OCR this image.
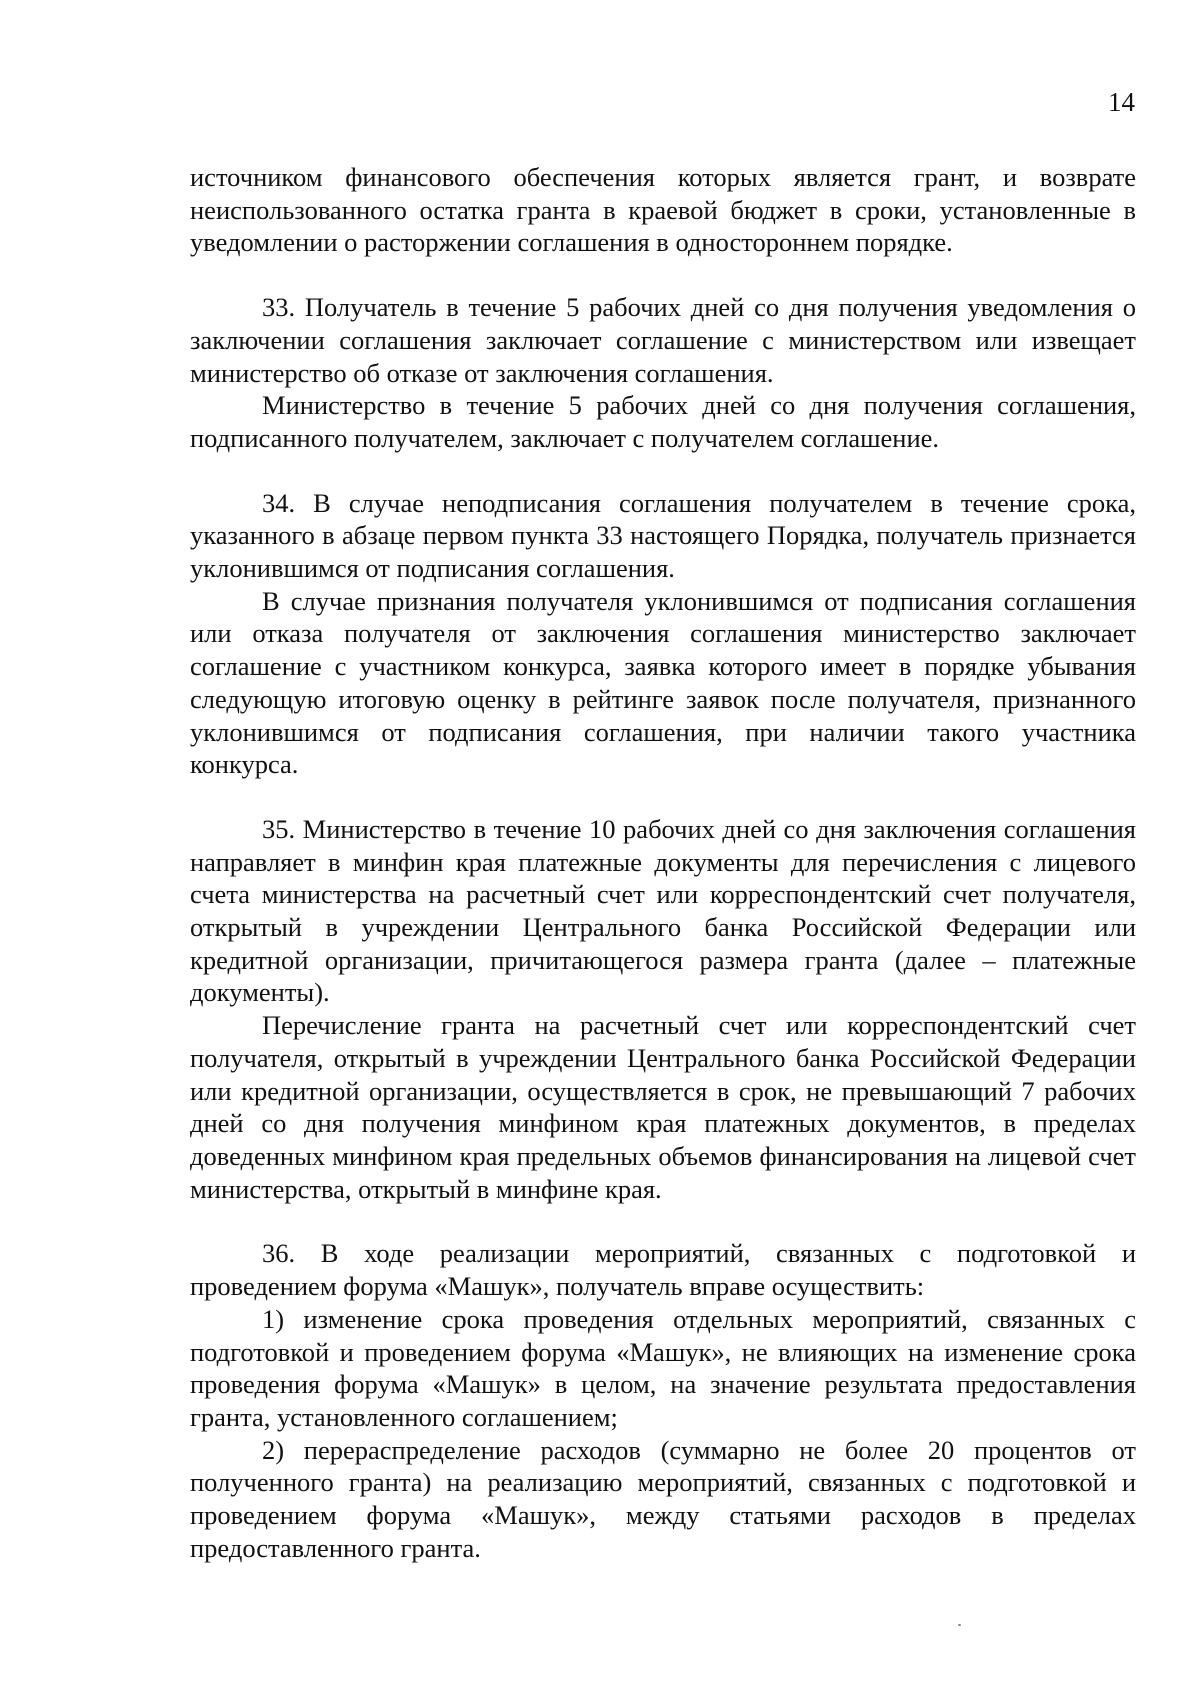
14

источником финансового обеспечения которых является грант, и возврате неиспользованного остатка гранта в краевой бюджет в сроки, установленные в уведомлении о расторжении соглашения в одностороннем порядке.

33. Получатель в течение 5 рабочих дней со дня получения уведомления о заключении соглашения заключает соглашение с министерством или извещает министерство об отказе от заключения соглашения.

Министерство в течение 5 рабочих дней со дня получения соглашения, подписанного получателем, заключает с получателем соглашение.

34. В случае неподписания соглашения получателем в течение срока, указанного в абзаце первом пункта 33 настоящего Порядка, получатель признается уклонившимся от подписания соглашения.

В случае признания получателя уклонившимся от подписания соглашения или отказа получателя от заключения соглашения министерство заключает соглашение с участником конкурса, заявка которого имеет в порядке убывания следующую итоговую оценку в рейтинге заявок после получателя, признанного уклонившимся от подписания соглашения, при наличии такого участника конкурса.

35. Министерство в течение 10 рабочих дней со дня заключения соглашения направляет в минфин края платежные документы для перечисления с лицевого счета министерства на расчетный счет или корреспондентский счет получателя, открытый в учреждении Центрального банка Российской Федерации или кредитной организации, причитающегося размера гранта (далее – платежные документы).

Перечисление гранта на расчетный счет или корреспондентский счет получателя, открытый в учреждении Центрального банка Российской Федерации или кредитной организации, осуществляется в срок, не превышающий 7 рабочих дней со дня получения минфином края платежных документов, в пределах доведенных минфином края предельных объемов финансирования на лицевой счет министерства, открытый в минфине края.

36. В ходе реализации мероприятий, связанных с подготовкой и проведением форума «Машук», получатель вправе осуществить:

1) изменение срока проведения отдельных мероприятий, связанных с подготовкой и проведением форума «Машук», не влияющих на изменение срока проведения форума «Машук» в целом, на значение результата предоставления гранта, установленного соглашением;

2) перераспределение расходов (суммарно не более 20 процентов от полученного гранта) на реализацию мероприятий, связанных с подготовкой и проведением форума «Машук», между статьями расходов в пределах предоставленного гранта.
